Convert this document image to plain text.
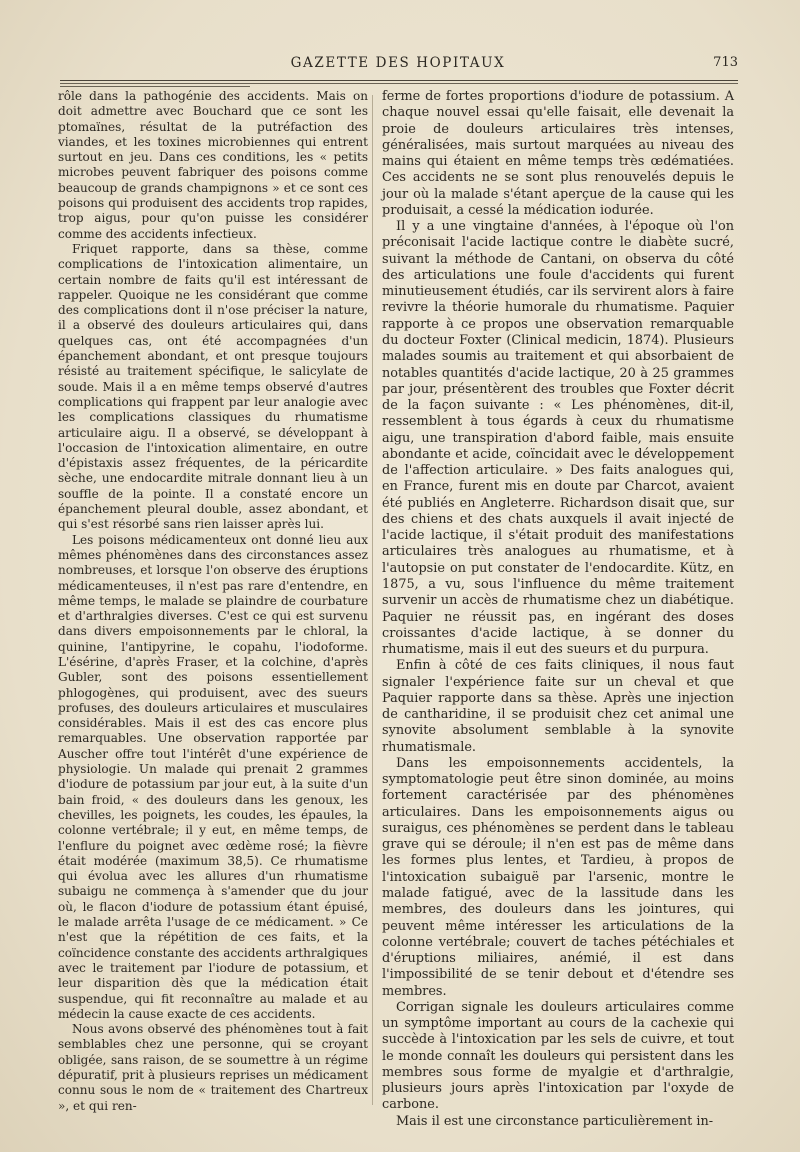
GAZETTE DES HOPITAUX	713

rôle dans la pathogénie des accidents. Mais on doit admettre avec Bouchard que ce sont les ptomaïnes, résultat de la putréfaction des viandes, et les toxines microbiennes qui entrent surtout en jeu. Dans ces conditions, les « petits microbes peuvent fabriquer des poisons comme beaucoup de grands champignons » et ce sont ces poisons qui produisent des accidents trop rapides, trop aigus, pour qu'on puisse les considérer comme des accidents infectieux.

Friquet rapporte, dans sa thèse, comme complications de l'intoxication alimentaire, un certain nombre de faits qu'il est intéressant de rappeler. Quoique ne les considérant que comme des complications dont il n'ose préciser la nature, il a observé des douleurs articulaires qui, dans quelques cas, ont été accompagnées d'un épanchement abondant, et ont presque toujours résisté au traitement spécifique, le salicylate de soude. Mais il a en même temps observé d'autres complications qui frappent par leur analogie avec les complications classiques du rhumatisme articulaire aigu. Il a observé, se développant à l'occasion de l'intoxication alimentaire, en outre d'épistaxis assez fréquentes, de la péricardite sèche, une endocardite mitrale donnant lieu à un souffle de la pointe. Il a constaté encore un épanchement pleural double, assez abondant, et qui s'est résorbé sans rien laisser après lui.

Les poisons médicamenteux ont donné lieu aux mêmes phénomènes dans des circonstances assez nombreuses, et lorsque l'on observe des éruptions médicamenteuses, il n'est pas rare d'entendre, en même temps, le malade se plaindre de courbature et d'arthralgies diverses. C'est ce qui est survenu dans divers empoisonnements par le chloral, la quinine, l'antipyrine, le copahu, l'iodoforme. L'ésérine, d'après Fraser, et la colchine, d'après Gubler, sont des poisons essentiellement phlogogènes, qui produisent, avec des sueurs profuses, des douleurs articulaires et musculaires considérables. Mais il est des cas encore plus remarquables. Une observation rapportée par Auscher offre tout l'intérêt d'une expérience de physiologie. Un malade qui prenait 2 grammes d'iodure de potassium par jour eut, à la suite d'un bain froid, « des douleurs dans les genoux, les chevilles, les poignets, les coudes, les épaules, la colonne vertébrale; il y eut, en même temps, de l'enflure du poignet avec œdème rosé; la fièvre était modérée (maximum 38,5). Ce rhumatisme qui évolua avec les allures d'un rhumatisme subaigu ne commença à s'amender que du jour où, le flacon d'iodure de potassium étant épuisé, le malade arrêta l'usage de ce médicament. » Ce n'est que la répétition de ces faits, et la coïncidence constante des accidents arthralgiques avec le traitement par l'iodure de potassium, et leur disparition dès que la médication était suspendue, qui fit reconnaître au malade et au médecin la cause exacte de ces accidents.

Nous avons observé des phénomènes tout à fait semblables chez une personne, qui se croyant obligée, sans raison, de se soumettre à un régime dépuratif, prit à plusieurs reprises un médicament connu sous le nom de « traitement des Chartreux », et qui ren-

ferme de fortes proportions d'iodure de potassium. A chaque nouvel essai qu'elle faisait, elle devenait la proie de douleurs articulaires très intenses, généralisées, mais surtout marquées au niveau des mains qui étaient en même temps très œdématiées. Ces accidents ne se sont plus renouvelés depuis le jour où la malade s'étant aperçue de la cause qui les produisait, a cessé la médication iodurée.

Il y a une vingtaine d'années, à l'époque où l'on préconisait l'acide lactique contre le diabète sucré, suivant la méthode de Cantani, on observa du côté des articulations une foule d'accidents qui furent minutieusement étudiés, car ils servirent alors à faire revivre la théorie humorale du rhumatisme. Paquier rapporte à ce propos une observation remarquable du docteur Foxter (Clinical medicin, 1874). Plusieurs malades soumis au traitement et qui absorbaient de notables quantités d'acide lactique, 20 à 25 grammes par jour, présentèrent des troubles que Foxter décrit de la façon suivante : « Les phénomènes, dit-il, ressemblent à tous égards à ceux du rhumatisme aigu, une transpiration d'abord faible, mais ensuite abondante et acide, coïncidait avec le développement de l'affection articulaire. » Des faits analogues qui, en France, furent mis en doute par Charcot, avaient été publiés en Angleterre. Richardson disait que, sur des chiens et des chats auxquels il avait injecté de l'acide lactique, il s'était produit des manifestations articulaires très analogues au rhumatisme, et à l'autopsie on put constater de l'endocardite. Kütz, en 1875, a vu, sous l'influence du même traitement survenir un accès de rhumatisme chez un diabétique. Paquier ne réussit pas, en ingérant des doses croissantes d'acide lactique, à se donner du rhumatisme, mais il eut des sueurs et du purpura.

Enfin à côté de ces faits cliniques, il nous faut signaler l'expérience faite sur un cheval et que Paquier rapporte dans sa thèse. Après une injection de cantharidine, il se produisit chez cet animal une synovite absolument semblable à la synovite rhumatismale.

Dans les empoisonnements accidentels, la symptomatologie peut être sinon dominée, au moins fortement caractérisée par des phénomènes articulaires. Dans les empoisonnements aigus ou suraigus, ces phénomènes se perdent dans le tableau grave qui se déroule; il n'en est pas de même dans les formes plus lentes, et Tardieu, à propos de l'intoxication subaiguë par l'arsenic, montre le malade fatigué, avec de la lassitude dans les membres, des douleurs dans les jointures, qui peuvent même intéresser les articulations de la colonne vertébrale; couvert de taches pétéchiales et d'éruptions miliaires, anémié, il est dans l'impossibilité de se tenir debout et d'étendre ses membres.

Corrigan signale les douleurs articulaires comme un symptôme important au cours de la cachexie qui succède à l'intoxication par les sels de cuivre, et tout le monde connaît les douleurs qui persistent dans les membres sous forme de myalgie et d'arthralgie, plusieurs jours après l'intoxication par l'oxyde de carbone.

Mais il est une circonstance particulièrement in-
